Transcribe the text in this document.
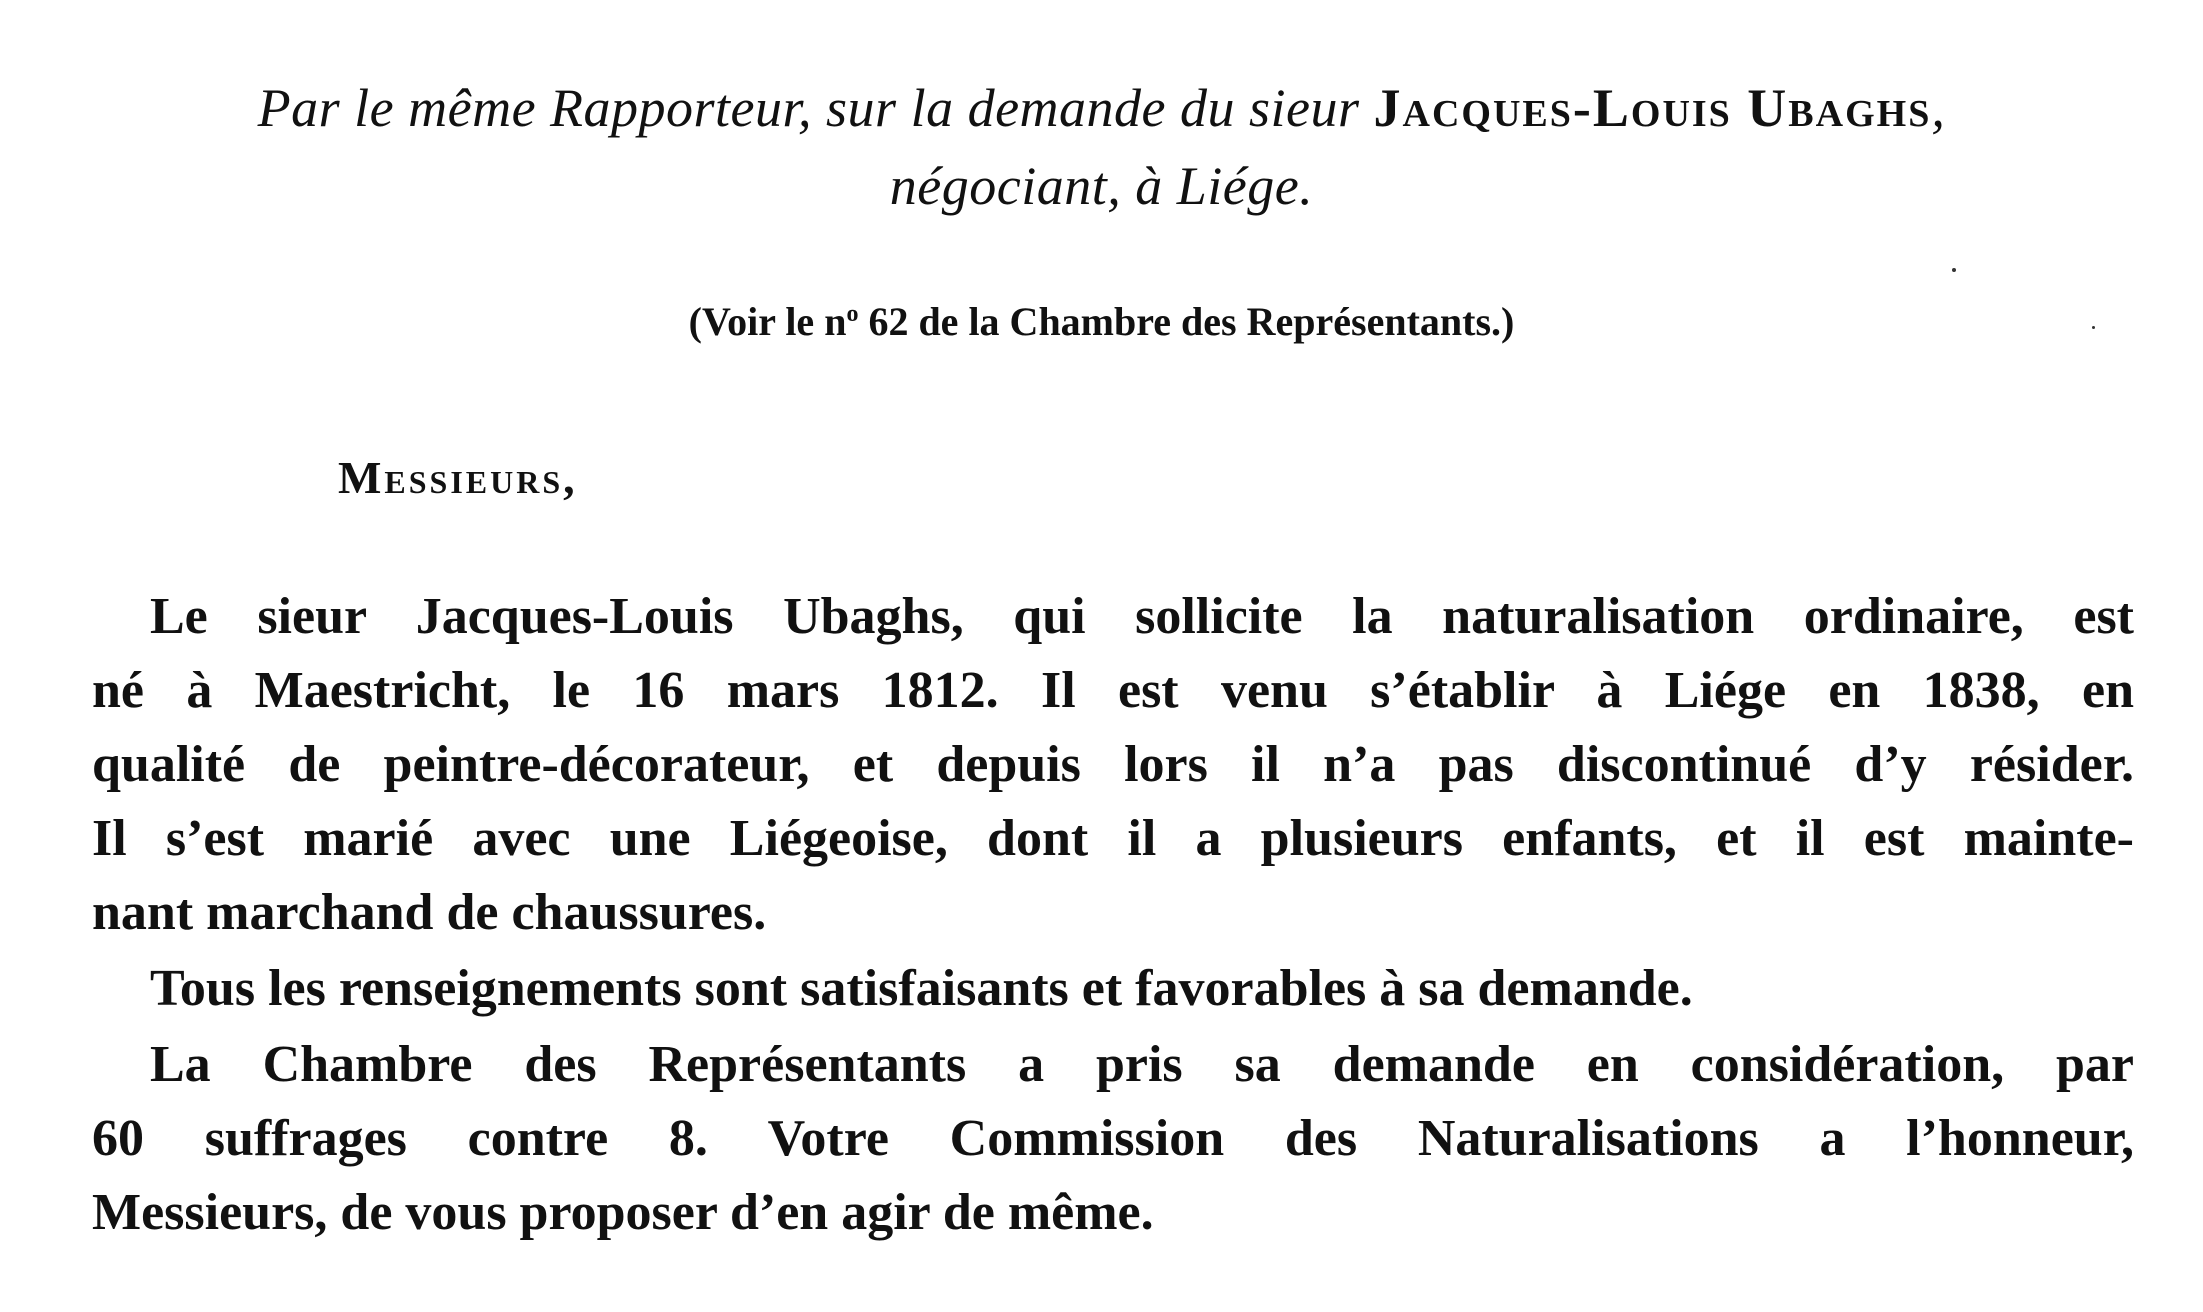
Par le même Rapporteur, sur la demande du sieur Jacques-Louis Ubaghs,
négociant, à Liége.
(Voir le $n^o$ 62 de la Chambre des Représentants.)
Messieurs,
Le sieur Jacques-Louis Ubaghs, qui sollicite la naturalisation ordinaire, est
né à Maestricht, le 16 mars 1812. Il est venu s’établir à Liége en 1838, en
qualité de peintre-décorateur, et depuis lors il n’a pas discontinué d’y résider.
Il s’est marié avec une Liégeoise, dont il a plusieurs enfants, et il est mainte-
nant marchand de chaussures.
Tous les renseignements sont satisfaisants et favorables à sa demande.
La Chambre des Représentants a pris sa demande en considération, par
60 suffrages contre 8. Votre Commission des Naturalisations a l’honneur,
Messieurs, de vous proposer d’en agir de même.
